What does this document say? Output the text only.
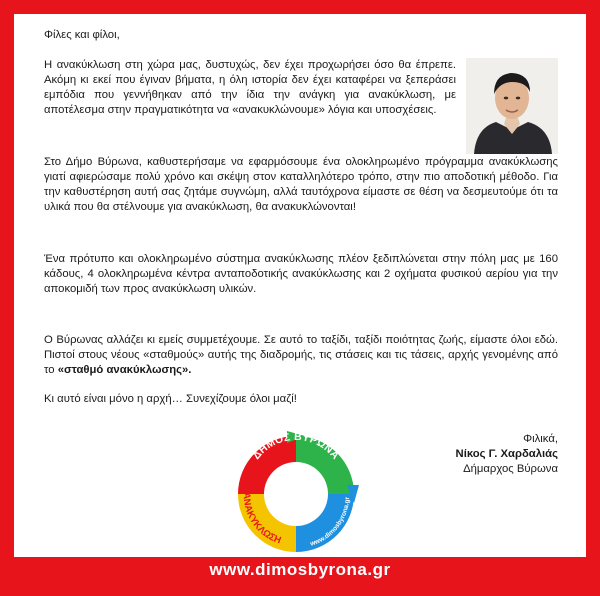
Φίλες και φίλοι,

Η ανακύκλωση στη χώρα μας, δυστυχώς, δεν έχει προχωρήσει όσο θα έπρεπε. Ακόμη κι εκεί που έγιναν βήματα, η όλη ιστορία δεν έχει καταφέρει να ξεπεράσει εμπόδια που γεννήθηκαν από την ίδια την ανάγκη για ανακύκλωση, με αποτέλεσμα στην πραγματικότητα να «ανακυκλώνουμε» λόγια και υποσχέσεις.

Στο Δήμο Βύρωνα, καθυστερήσαμε να εφαρμόσουμε ένα ολοκληρωμένο πρόγραμμα ανακύκλωσης γιατί αφιερώσαμε πολύ χρόνο και σκέψη στον καταλληλότερο τρόπο, στην πιο αποδοτική μέθοδο. Για την καθυστέρηση αυτή σας ζητάμε συγνώμη, αλλά ταυτόχρονα είμαστε σε θέση να δεσμευτούμε ότι τα υλικά που θα στέλνουμε για ανακύκλωση, θα ανακυκλώνονται!

Ένα πρότυπο και ολοκληρωμένο σύστημα ανακύκλωσης πλέον ξεδιπλώνεται στην πόλη μας με 160 κάδους, 4 ολοκληρωμένα κέντρα ανταποδοτικής ανακύκλωσης και 2 οχήματα φυσικού αερίου για την αποκομιδή των προς ανακύκλωση υλικών.

Ο Βύρωνας αλλάζει κι εμείς συμμετέχουμε. Σε αυτό το ταξίδι, ταξίδι ποιότητας ζωής, είμαστε όλοι εδώ. Πιστοί στους νέους «σταθμούς» αυτής της διαδρομής, τις στάσεις και τις τάσεις, αρχής γενομένης από το «σταθμό ανακύκλωσης».

Κι αυτό είναι μόνο η αρχή… Συνεχίζουμε όλοι μαζί!
Φιλικά,
Νίκος Γ. Χαρδαλιάς
Δήμαρχος Βύρωνα
ΔΗΜΟΣ ΒΥΡΩΝΑ
ΑΝΑΚΥΚΛΩΣΗ	www.dimosbyrona.gr
www.dimosbyrona.gr
